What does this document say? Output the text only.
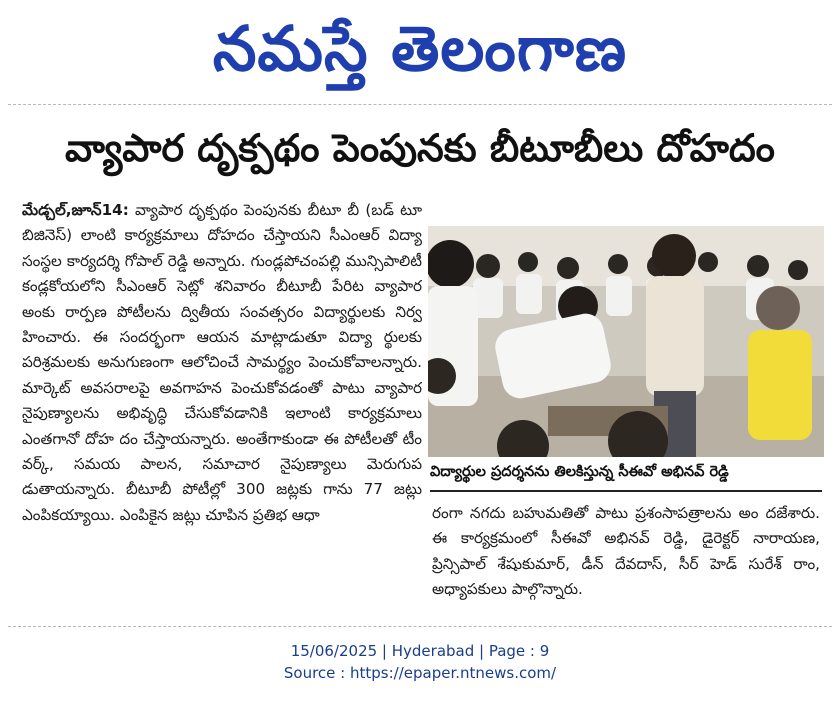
నమస్తే తెలంగాణ
వ్యాపార దృక్పథం పెంపునకు బీటూబీలు దోహదం
మేడ్చల్,జూన్14: వ్యాపార దృక్పథం పెంపునకు బీటూ బీ (బడ్ టూ బిజినెస్) లాంటి కార్యక్రమాలు దోహదం చేస్తాయని సీఎంఆర్ విద్యా సంస్థల కార్యదర్శి గోపాల్ రెడ్డి అన్నారు. గుండ్లపోచంపల్లి మున్సిపాలిటీ కండ్లకోయలోని సీఎంఆర్ సెట్లో శనివారం బీటూబీ పేరిట వ్యాపార అంకు రార్పణ పోటీలను ద్వితీయ సంవత్సరం విద్యార్థులకు నిర్వ హించారు. ఈ సందర్భంగా ఆయన మాట్లాడుతూ విద్యా ర్థులకు పరిశ్రమలకు అనుగుణంగా ఆలోచించే సామర్థ్యం పెంచుకోవాలన్నారు. మార్కెట్ అవసరాలపై అవగాహన పెంచుకోవడంతో పాటు వ్యాపార నైపుణ్యాలను అభివృద్ధి చేసుకోవడానికి ఇలాంటి కార్యక్రమాలు ఎంతగానో దోహ దం చేస్తాయన్నారు. అంతేగాకుండా ఈ పోటీలతో టీం వర్క్, సమయ పాలన, సమాచార నైపుణ్యాలు మెరుగుప డుతాయన్నారు. బీటూబీ పోటీల్లో 300 జట్లకు గాను 77 జట్లు ఎంపికయ్యాయి. ఎంపికైన జట్లు చూపిన ప్రతిభ ఆధా
విద్యార్థుల ప్రదర్శనను తిలకిస్తున్న సీఈవో అభినవ్ రెడ్డి
రంగా నగదు బహుమతితో పాటు ప్రశంసాపత్రాలను అం దజేశారు. ఈ కార్యక్రమంలో సీఈవో అభినవ్ రెడ్డి, డైరెక్టర్ నారాయణ, ప్రిన్సిపాల్ శేషుకుమార్, డీన్ దేవదాస్, సీర్ హెడ్ సురేశ్ రాం, అధ్యాపకులు పాల్గొన్నారు.
15/06/2025 | Hyderabad | Page : 9
Source : https://epaper.ntnews.com/
